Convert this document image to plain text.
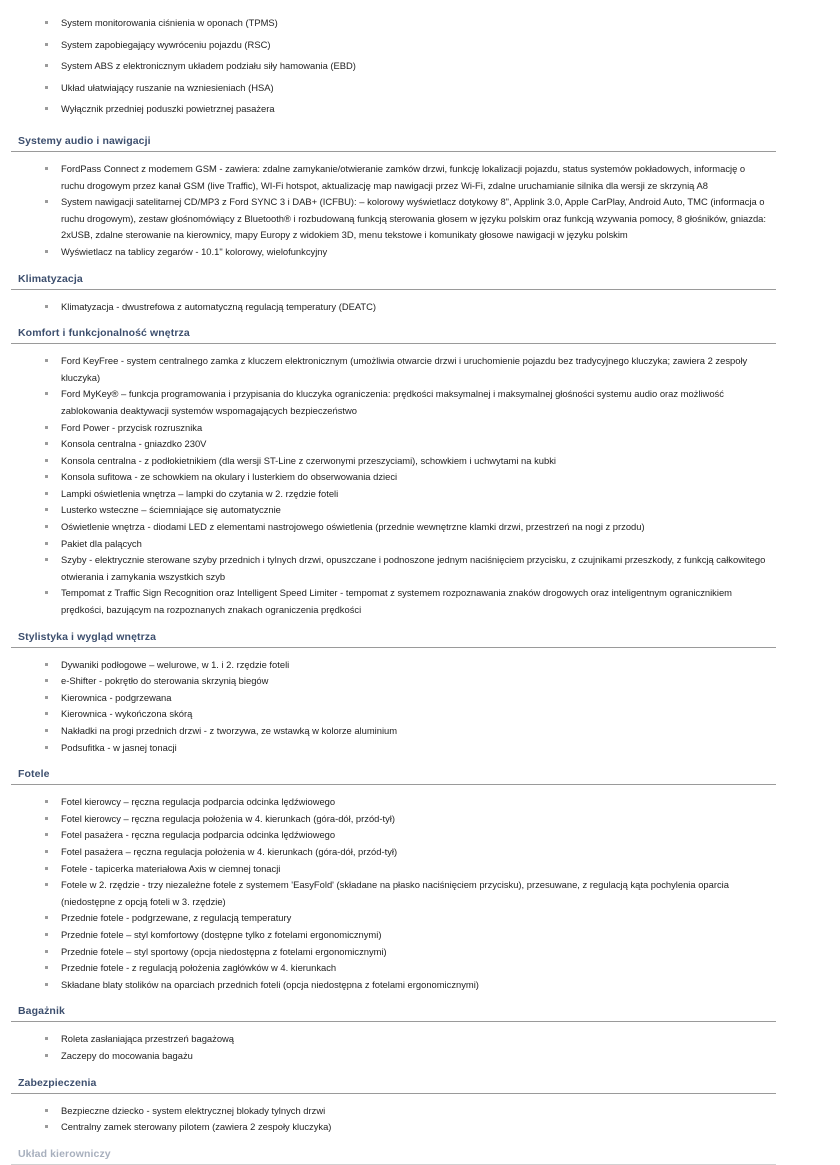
System monitorowania ciśnienia w oponach (TPMS)
System zapobiegający wywróceniu pojazdu (RSC)
System ABS z elektronicznym układem podziału siły hamowania (EBD)
Układ ułatwiający ruszanie na wzniesieniach (HSA)
Wyłącznik przedniej poduszki powietrznej pasażera
Systemy audio i nawigacji
FordPass Connect z modemem GSM - zawiera: zdalne zamykanie/otwieranie zamków drzwi, funkcję lokalizacji pojazdu, status systemów pokładowych, informację o ruchu drogowym przez kanał GSM (live Traffic), WI-Fi hotspot, aktualizację map nawigacji przez Wi-Fi, zdalne uruchamianie silnika dla wersji ze skrzynią A8
System nawigacji satelitarnej CD/MP3 z Ford SYNC 3 i DAB+ (ICFBU): – kolorowy wyświetlacz dotykowy 8", Applink 3.0, Apple CarPlay, Android Auto, TMC (informacja o ruchu drogowym), zestaw głośnomówiący z Bluetooth® i rozbudowaną funkcją sterowania głosem w języku polskim oraz funkcją wzywania pomocy, 8 głośników, gniazda: 2xUSB, zdalne sterowanie na kierownicy, mapy Europy z widokiem 3D, menu tekstowe i komunikaty głosowe nawigacji w języku polskim
Wyświetlacz na tablicy zegarów - 10.1" kolorowy, wielofunkcyjny
Klimatyzacja
Klimatyzacja - dwustrefowa z automatyczną regulacją temperatury (DEATC)
Komfort i funkcjonalność wnętrza
Ford KeyFree - system centralnego zamka z kluczem elektronicznym (umożliwia otwarcie drzwi i uruchomienie pojazdu bez tradycyjnego kluczyka; zawiera 2 zespoły kluczyka)
Ford MyKey® – funkcja programowania i przypisania do kluczyka ograniczenia: prędkości maksymalnej i maksymalnej głośności systemu audio oraz możliwość zablokowania deaktywacji systemów wspomagających bezpieczeństwo
Ford Power - przycisk rozrusznika
Konsola centralna - gniazdko 230V
Konsola centralna - z podłokietnikiem (dla wersji ST-Line z czerwonymi przeszyciami), schowkiem i uchwytami na kubki
Konsola sufitowa - ze schowkiem na okulary i lusterkiem do obserwowania dzieci
Lampki oświetlenia wnętrza – lampki do czytania w 2. rzędzie foteli
Lusterko wsteczne – ściemniające się automatycznie
Oświetlenie wnętrza - diodami LED z elementami nastrojowego oświetlenia (przednie wewnętrzne klamki drzwi, przestrzeń na nogi z przodu)
Pakiet dla palących
Szyby - elektrycznie sterowane szyby przednich i tylnych drzwi, opuszczane i podnoszone jednym naciśnięciem przycisku, z czujnikami przeszkody, z funkcją całkowitego otwierania i zamykania wszystkich szyb
Tempomat z Traffic Sign Recognition oraz Intelligent Speed Limiter - tempomat z systemem rozpoznawania znaków drogowych oraz inteligentnym ogranicznikiem prędkości, bazującym na rozpoznanych znakach ograniczenia prędkości
Stylistyka i wygląd wnętrza
Dywaniki podłogowe – welurowe, w 1. i 2. rzędzie foteli
e-Shifter - pokrętło do sterowania skrzynią biegów
Kierownica - podgrzewana
Kierownica - wykończona skórą
Nakładki na progi przednich drzwi - z tworzywa, ze wstawką w kolorze aluminium
Podsufitka - w jasnej tonacji
Fotele
Fotel kierowcy – ręczna regulacja podparcia odcinka lędźwiowego
Fotel kierowcy – ręczna regulacja położenia w 4. kierunkach (góra-dół, przód-tył)
Fotel pasażera - ręczna regulacja podparcia odcinka lędźwiowego
Fotel pasażera – ręczna regulacja położenia w 4. kierunkach (góra-dół, przód-tył)
Fotele - tapicerka materiałowa Axis w ciemnej tonacji
Fotele w 2. rzędzie - trzy niezależne fotele z systemem 'EasyFold' (składane na płasko naciśnięciem przycisku), przesuwane, z regulacją kąta pochylenia oparcia (niedostępne z opcją foteli w 3. rzędzie)
Przednie fotele - podgrzewane, z regulacją temperatury
Przednie fotele – styl komfortowy (dostępne tylko z fotelami ergonomicznymi)
Przednie fotele – styl sportowy (opcja niedostępna z fotelami ergonomicznymi)
Przednie fotele - z regulacją położenia zagłówków w 4. kierunkach
Składane blaty stolików na oparciach przednich foteli (opcja niedostępna z fotelami ergonomicznymi)
Bagażnik
Roleta zasłaniająca przestrzeń bagażową
Zaczepy do mocowania bagażu
Zabezpieczenia
Bezpieczne dziecko - system elektrycznej blokady tylnych drzwi
Centralny zamek sterowany pilotem (zawiera 2 zespoły kluczyka)
Układ kierowniczy
